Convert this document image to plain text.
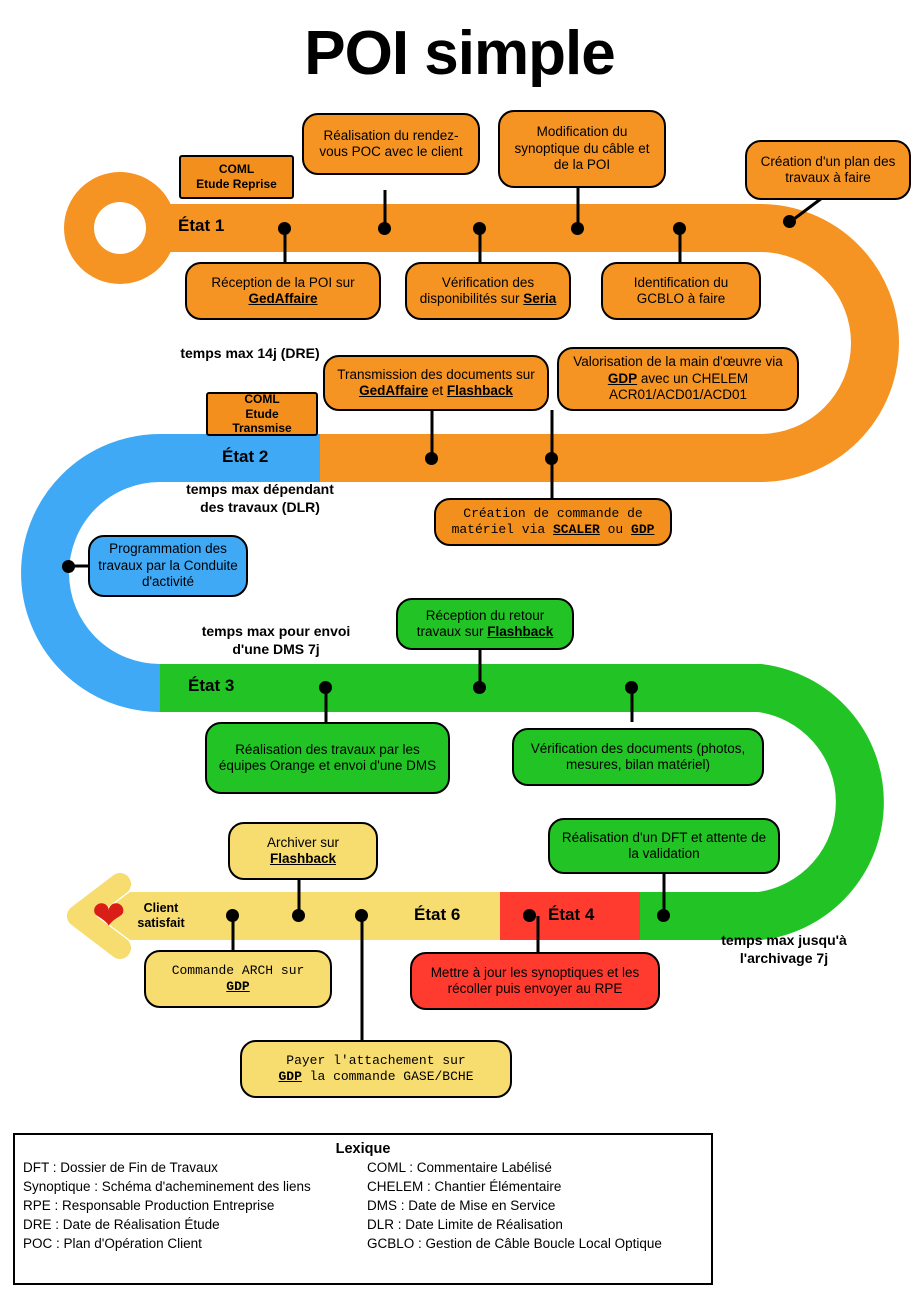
POI simple
État 1
COML
Etude Reprise
Réalisation du rendez-vous POC avec le client
Modification du synoptique du câble et de la POI	Création d'un plan des travaux à faire
Réception de la POI sur GedAffaire
Vérification des disponibilités sur Seria
Identification du GCBLO à faire
temps max 14j (DRE)
COML
Etude Transmise
Transmission des documents sur GedAffaire et Flashback
Valorisation de la main d'œuvre via GDP avec un CHELEM ACR01/ACD01/ACD01
État 2
temps max dépendant
des travaux (DLR)	Création de commande de matériel via SCALER ou GDP
Programmation des travaux par la Conduite d'activité
temps max pour envoi
d'une DMS 7j
Réception du retour travaux sur Flashback
État 3
Réalisation des travaux par les équipes Orange et envoi d'une DMS
Vérification des documents (photos, mesures, bilan matériel)
Réalisation d'un DFT et attente de la validation
Archiver sur
Flashback
❤	Client
satisfait	État 6	État 4
Commande ARCH sur
GDP
Mettre à jour les synoptiques et les récoller puis envoyer au RPE
Payer l'attachement sur
GDP la commande GASE/BCHE
temps max jusqu'à
l'archivage 7j
Lexique
DFT : Dossier de Fin de Travaux	COML : Commentaire Labélisé
Synoptique : Schéma d'acheminement des liens	CHELEM : Chantier Élémentaire
RPE : Responsable Production Entreprise	DMS : Date de Mise en Service
DRE : Date de Réalisation Étude	DLR : Date Limite de Réalisation
POC : Plan d'Opération Client	GCBLO : Gestion de Câble Boucle Local Optique
